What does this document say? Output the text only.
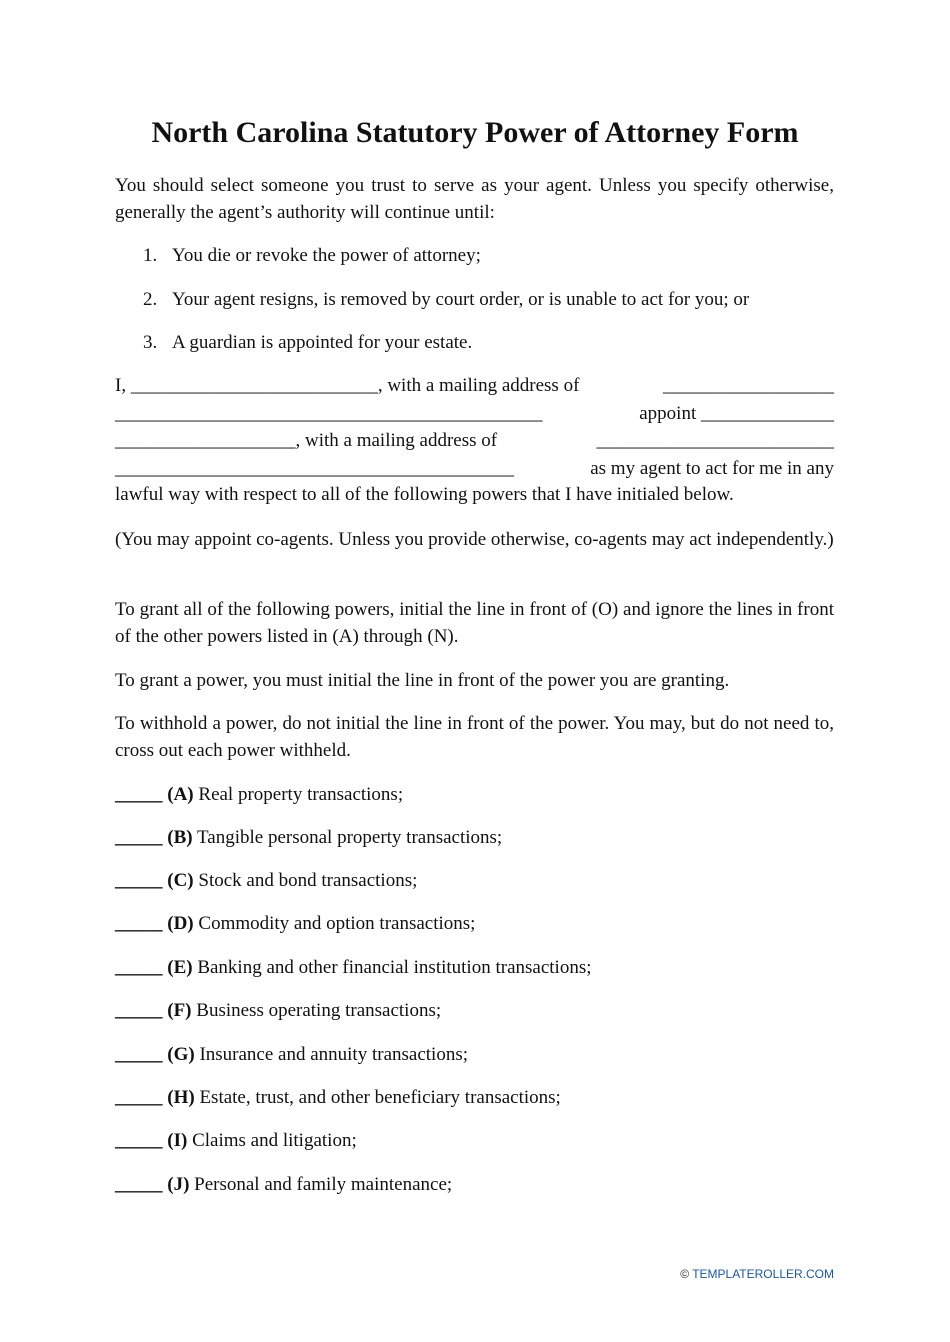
North Carolina Statutory Power of Attorney Form

You should select someone you trust to serve as your agent. Unless you specify otherwise, generally the agent’s authority will continue until:

1. You die or revoke the power of attorney;

2. Your agent resigns, is removed by court order, or is unable to act for you; or

3. A guardian is appointed for your estate.

I, __________________________, with a mailing address of	__________________

_____________________________________________	appoint ______________

___________________, with a mailing address of	_________________________

__________________________________________	as my agent to act for me in any

lawful way with respect to all of the following powers that I have initialed below.

(You may appoint co-agents. Unless you provide otherwise, co-agents may act independently.)

To grant all of the following powers, initial the line in front of (O) and ignore the lines in front of the other powers listed in (A) through (N).

To grant a power, you must initial the line in front of the power you are granting.

To withhold a power, do not initial the line in front of the power. You may, but do not need to, cross out each power withheld.

_____ (A) Real property transactions;

_____ (B) Tangible personal property transactions;

_____ (C) Stock and bond transactions;

_____ (D) Commodity and option transactions;

_____ (E) Banking and other financial institution transactions;

_____ (F) Business operating transactions;

_____ (G) Insurance and annuity transactions;

_____ (H) Estate, trust, and other beneficiary transactions;

_____ (I) Claims and litigation;

_____ (J) Personal and family maintenance;

© TEMPLATEROLLER.COM
